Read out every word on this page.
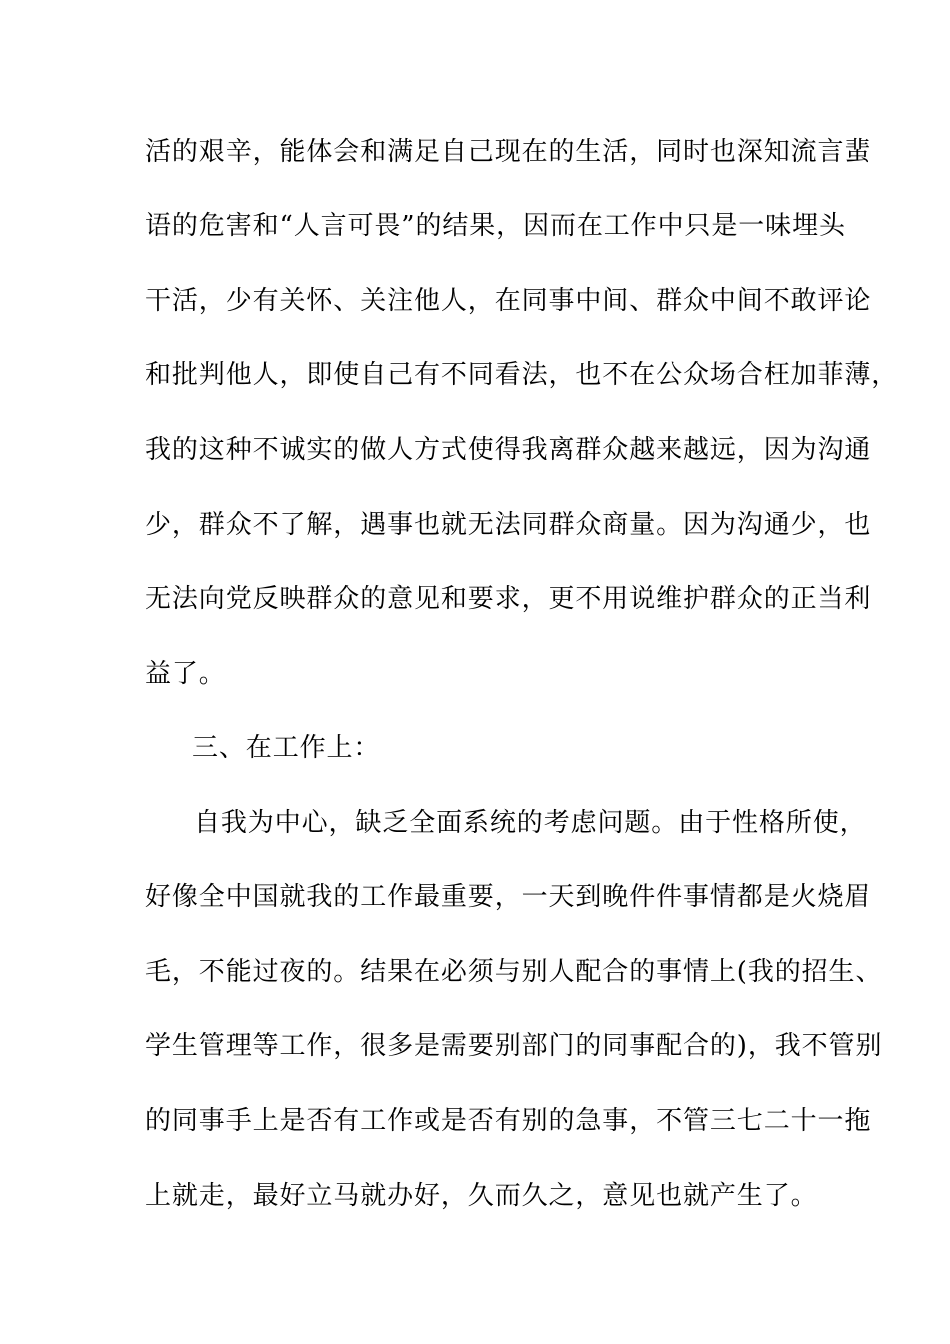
活的艰辛，能体会和满足自己现在的生活，同时也深知流言蜚
语的危害和“人言可畏”的结果，因而在工作中只是一味埋头
干活，少有关怀、关注他人，在同事中间、群众中间不敢评论
和批判他人，即使自己有不同看法，也不在公众场合枉加菲薄，
我的这种不诚实的做人方式使得我离群众越来越远，因为沟通
少，群众不了解，遇事也就无法同群众商量。因为沟通少，也
无法向党反映群众的意见和要求，更不用说维护群众的正当利
益了。
三、在工作上：
自我为中心，缺乏全面系统的考虑问题。由于性格所使，
好像全中国就我的工作最重要，一天到晚件件事情都是火烧眉
毛，不能过夜的。结果在必须与别人配合的事情上(我的招生、
学生管理等工作，很多是需要别部门的同事配合的)，我不管别
的同事手上是否有工作或是否有别的急事，不管三七二十一拖
上就走，最好立马就办好，久而久之，意见也就产生了。
